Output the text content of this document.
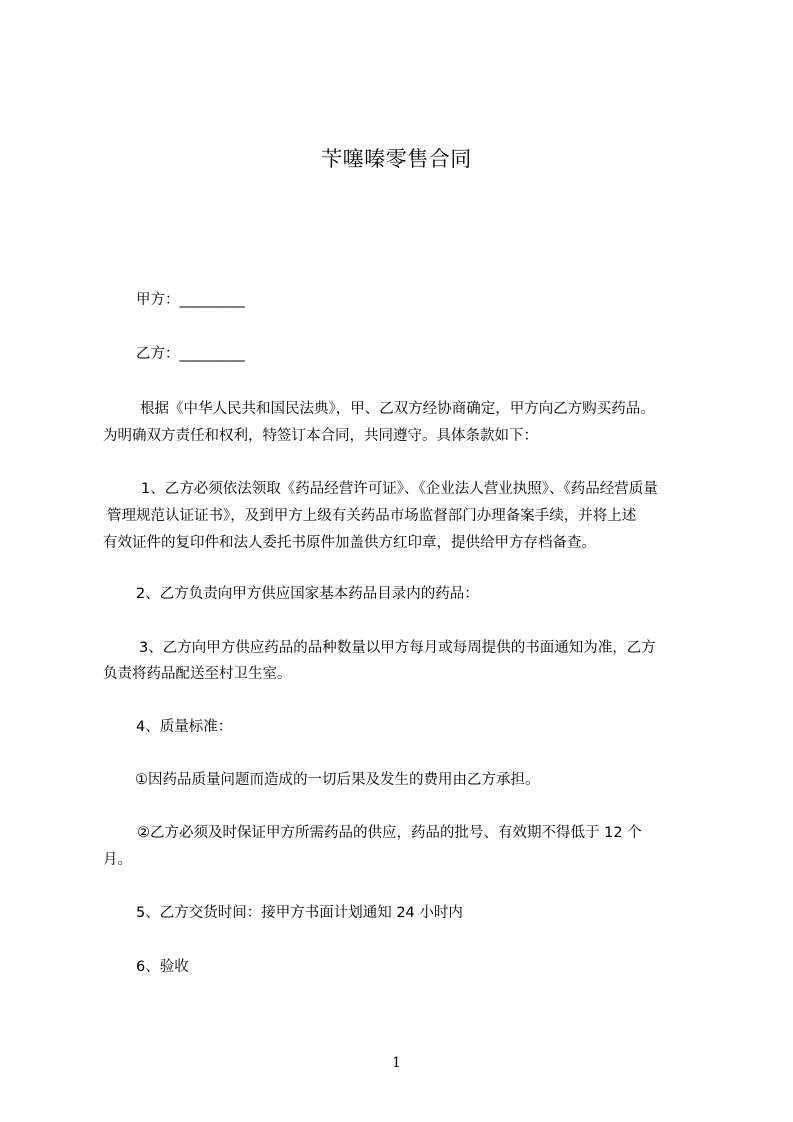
苄噻嗪零售合同
甲方：_________
乙方：_________
根据《中华人民共和国民法典》，甲、乙双方经协商确定，甲方向乙方购买药品。
为明确双方责任和权利，特签订本合同，共同遵守。具体条款如下：
1、乙方必须依法领取《药品经营许可证》、《企业法人营业执照》、《药品经营质量
管理规范认证证书》，及到甲方上级有关药品市场监督部门办理备案手续，并将上述
有效证件的复印件和法人委托书原件加盖供方红印章，提供给甲方存档备查。
2、乙方负责向甲方供应国家基本药品目录内的药品：
3、乙方向甲方供应药品的品种数量以甲方每月或每周提供的书面通知为准，乙方
负责将药品配送至村卫生室。
4、质量标准：
①因药品质量问题而造成的一切后果及发生的费用由乙方承担。
②乙方必须及时保证甲方所需药品的供应，药品的批号、有效期不得低于 12 个
月。
5、乙方交货时间：接甲方书面计划通知 24 小时内
6、验收
1
